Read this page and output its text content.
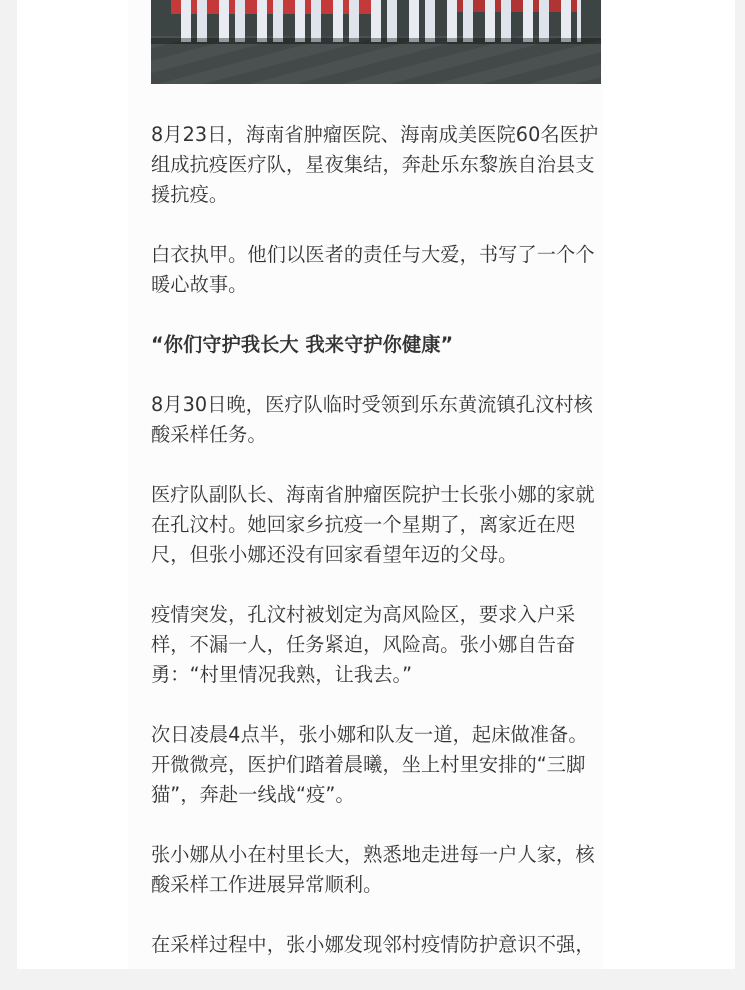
8月23日，海南省肿瘤医院、海南成美医院60名医护组成抗疫医疗队，星夜集结，奔赴乐东黎族自治县支援抗疫。

白衣执甲。他们以医者的责任与大爱，书写了一个个暖心故事。

“你们守护我长大 我来守护你健康”

8月30日晚，医疗队临时受领到乐东黄流镇孔汶村核酸采样任务。

医疗队副队长、海南省肿瘤医院护士长张小娜的家就在孔汶村。她回家乡抗疫一个星期了，离家近在咫尺，但张小娜还没有回家看望年迈的父母。

疫情突发，孔汶村被划定为高风险区，要求入户采样，不漏一人，任务紧迫，风险高。张小娜自告奋勇：“村里情况我熟，让我去。”

次日凌晨4点半，张小娜和队友一道，起床做准备。开微微亮，医护们踏着晨曦，坐上村里安排的“三脚猫”，奔赴一线战“疫”。

张小娜从小在村里长大，熟悉地走进每一户人家，核酸采样工作进展异常顺利。

在采样过程中，张小娜发现邻村疫情防护意识不强，
